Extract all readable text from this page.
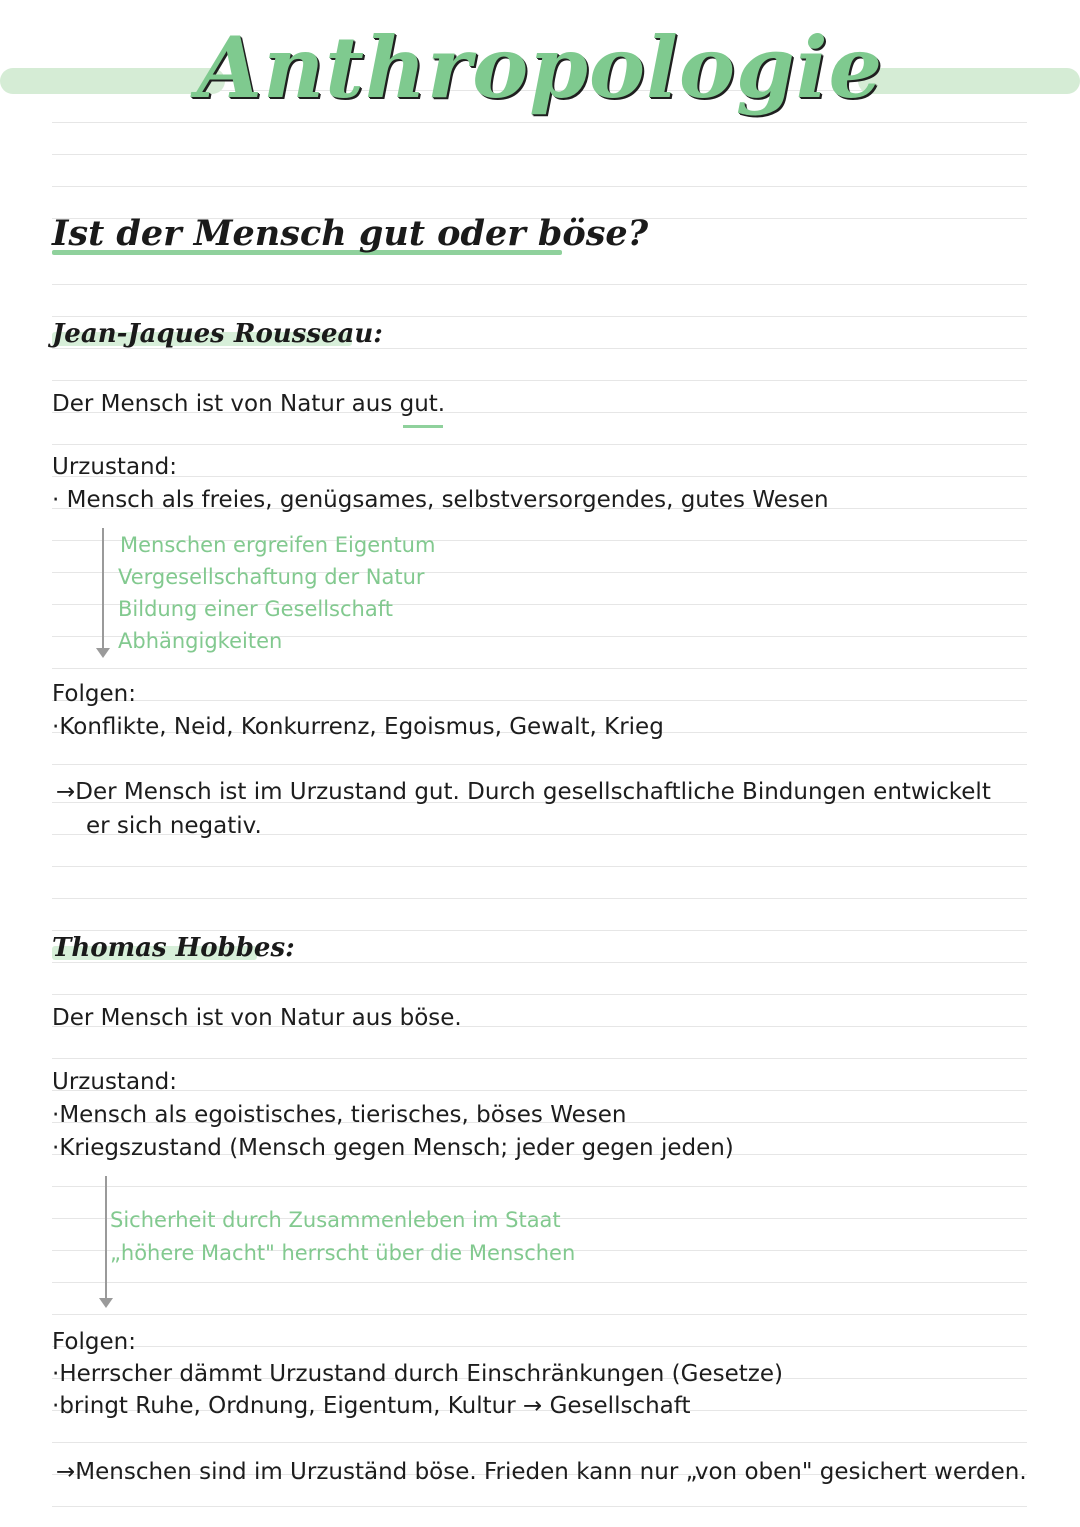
Anthropologie
Ist der Mensch gut oder böse?
Jean-Jaques Rousseau:
Der Mensch ist von Natur aus gut.
Urzustand:
· Mensch als freies, genügsames, selbstversorgendes, gutes Wesen
Menschen ergreifen Eigentum
Vergesellschaftung der Natur
Bildung einer Gesellschaft
Abhängigkeiten
Folgen:
·Konflikte, Neid, Konkurrenz, Egoismus, Gewalt, Krieg
→Der Mensch ist im Urzustand gut. Durch gesellschaftliche Bindungen entwickelt
er sich negativ.
Thomas Hobbes:
Der Mensch ist von Natur aus böse.
Urzustand:
·Mensch als egoistisches, tierisches, böses Wesen
·Kriegszustand (Mensch gegen Mensch; jeder gegen jeden)
Sicherheit durch Zusammenleben im Staat
„höhere Macht" herrscht über die Menschen
Folgen:
·Herrscher dämmt Urzustand durch Einschränkungen (Gesetze)
·bringt Ruhe, Ordnung, Eigentum, Kultur → Gesellschaft
→Menschen sind im Urzuständ böse. Frieden kann nur „von oben" gesichert werden.
